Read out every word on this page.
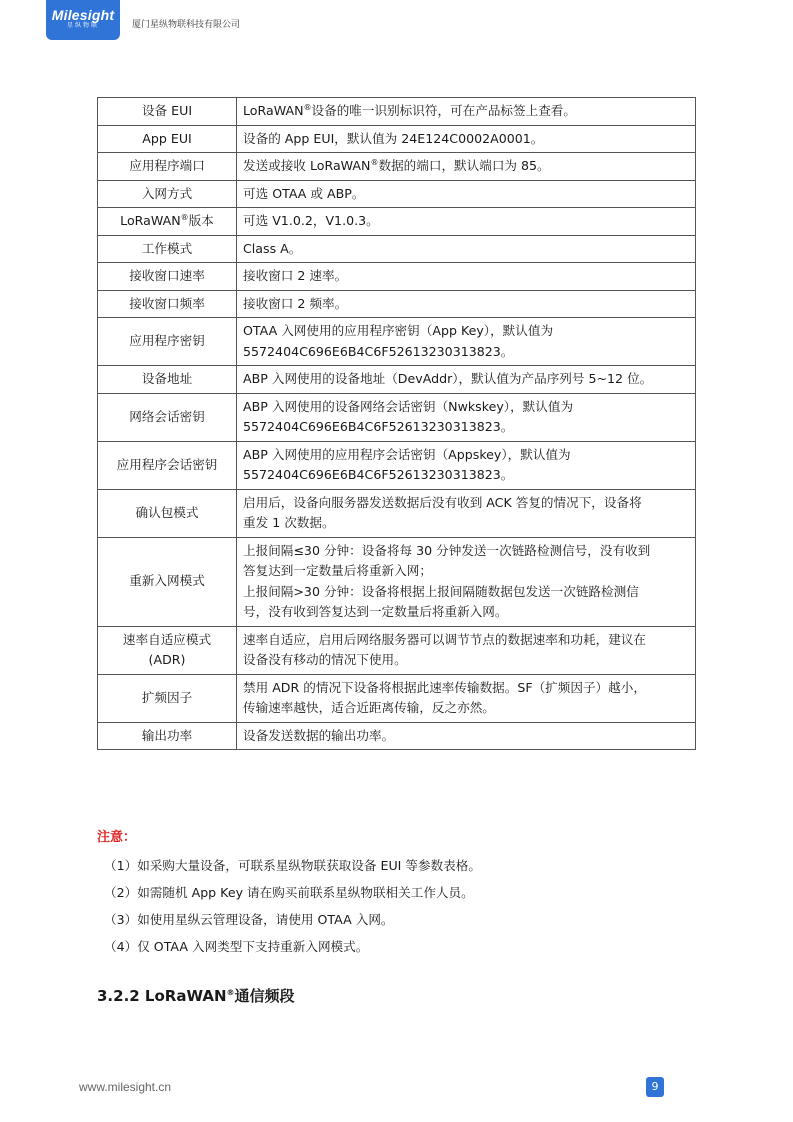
Milesight
星纵物联	厦门星纵物联科技有限公司
设备 EUI	LoRaWAN®设备的唯一识别标识符，可在产品标签上查看。

App EUI	设备的 App EUI，默认值为 24E124C0002A0001。

应用程序端口	发送或接收 LoRaWAN®数据的端口，默认端口为 85。

入网方式	可选 OTAA 或 ABP。

LoRaWAN®版本	可选 V1.0.2，V1.0.3。

工作模式	Class A。

接收窗口速率	接收窗口 2 速率。

接收窗口频率	接收窗口 2 频率。

应用程序密钥	OTAA 入网使用的应用程序密钥（App Key），默认值为
5572404C696E6B4C6F52613230313823。

设备地址	ABP 入网使用的设备地址（DevAddr），默认值为产品序列号 5~12 位。

网络会话密钥	ABP 入网使用的设备网络会话密钥（Nwkskey），默认值为
5572404C696E6B4C6F52613230313823。

应用程序会话密钥	ABP 入网使用的应用程序会话密钥（Appskey），默认值为
5572404C696E6B4C6F52613230313823。

确认包模式	启用后，设备向服务器发送数据后没有收到 ACK 答复的情况下，设备将
重发 1 次数据。

重新入网模式	上报间隔≤30 分钟：设备将每 30 分钟发送一次链路检测信号，没有收到
答复达到一定数量后将重新入网；
上报间隔>30 分钟：设备将根据上报间隔随数据包发送一次链路检测信
号，没有收到答复达到一定数量后将重新入网。

速率自适应模式 (ADR)	速率自适应，启用后网络服务器可以调节节点的数据速率和功耗，建议在
设备没有移动的情况下使用。

扩频因子	禁用 ADR 的情况下设备将根据此速率传输数据。SF（扩频因子）越小，
传输速率越快，适合近距离传输，反之亦然。

输出功率	设备发送数据的输出功率。
注意：
（1）如采购大量设备，可联系星纵物联获取设备 EUI 等参数表格。
（2）如需随机 App Key 请在购买前联系星纵物联相关工作人员。
（3）如使用星纵云管理设备，请使用 OTAA 入网。
（4）仅 OTAA 入网类型下支持重新入网模式。
3.2.2 LoRaWAN®通信频段
www.milesight.cn	9
